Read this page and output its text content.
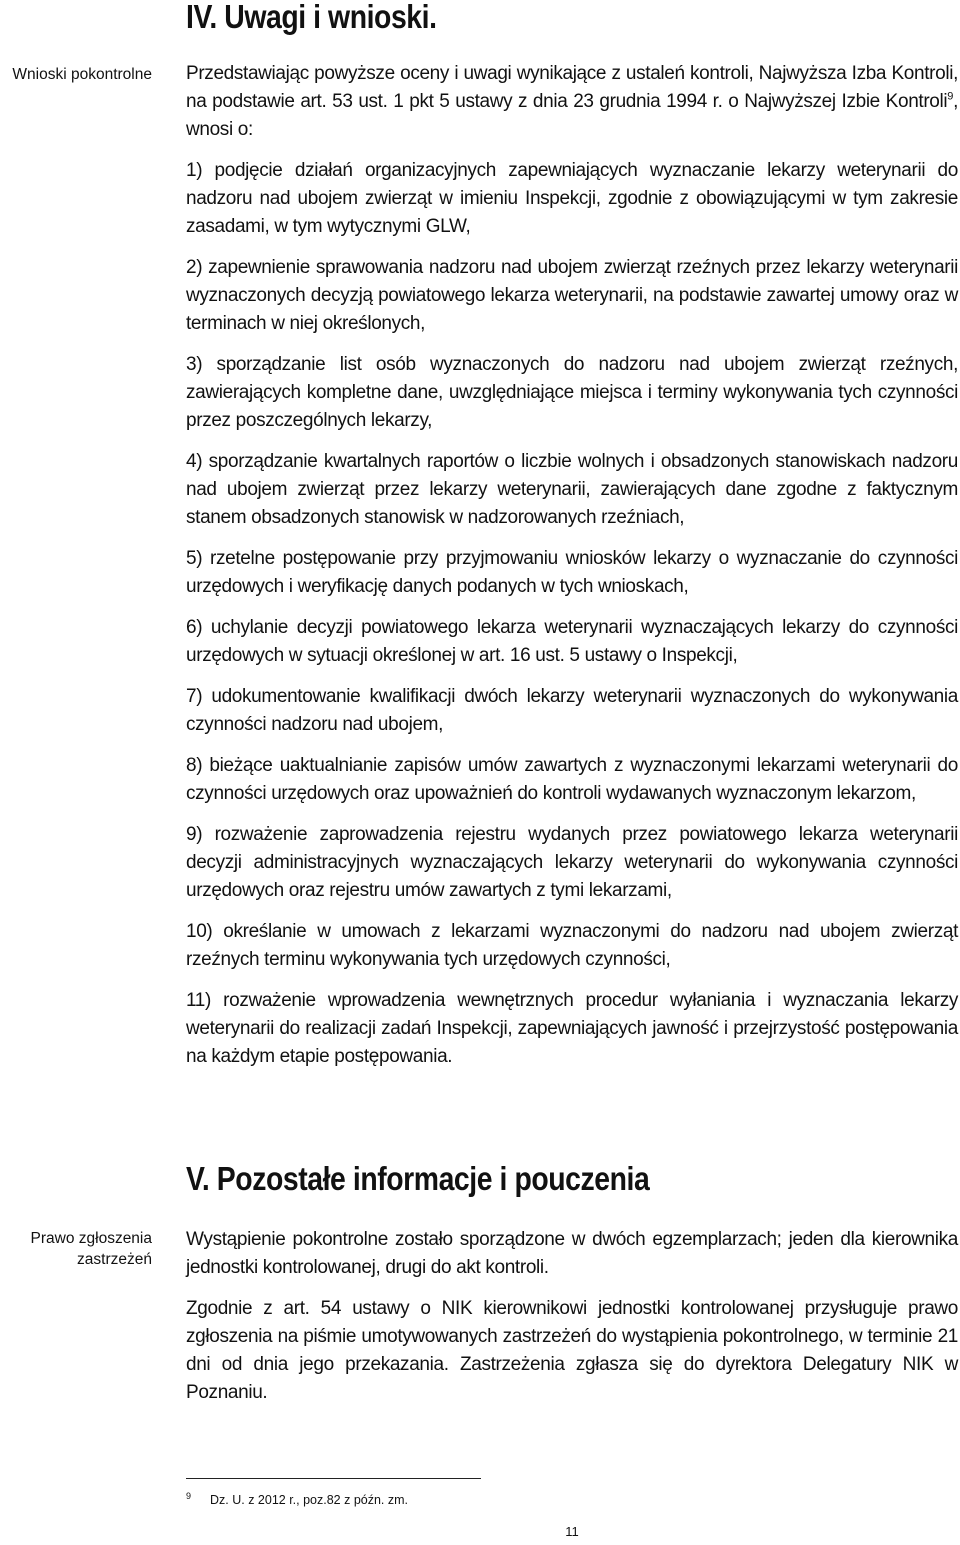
IV. Uwagi i wnioski.
Wnioski pokontrolne Przedstawiając powyższe oceny i uwagi wynikające z ustaleń kontroli, Najwyższa Izba Kontroli, na podstawie art. 53 ust. 1 pkt 5 ustawy z dnia 23 grudnia 1994 r. o Najwyższej Izbie Kontroli$^9$, wnosi o:

1) podjęcie działań organizacyjnych zapewniających wyznaczanie lekarzy weterynarii do nadzoru nad ubojem zwierząt w imieniu Inspekcji, zgodnie z obowiązującymi w tym zakresie zasadami, w tym wytycznymi GLW,

2) zapewnienie sprawowania nadzoru nad ubojem zwierząt rzeźnych przez lekarzy weterynarii wyznaczonych decyzją powiatowego lekarza weterynarii, na podstawie zawartej umowy oraz w terminach w niej określonych,

3) sporządzanie list osób wyznaczonych do nadzoru nad ubojem zwierząt rzeźnych, zawierających kompletne dane, uwzględniające miejsca i terminy wykonywania tych czynności przez poszczególnych lekarzy,

4) sporządzanie kwartalnych raportów o liczbie wolnych i obsadzonych stanowiskach nadzoru nad ubojem zwierząt przez lekarzy weterynarii, zawierających dane zgodne z faktycznym stanem obsadzonych stanowisk w nadzorowanych rzeźniach,

5) rzetelne postępowanie przy przyjmowaniu wniosków lekarzy o wyznaczanie do czynności urzędowych i weryfikację danych podanych w tych wnioskach,

6) uchylanie decyzji powiatowego lekarza weterynarii wyznaczających lekarzy do czynności urzędowych w sytuacji określonej w art. 16 ust. 5 ustawy o Inspekcji,

7) udokumentowanie kwalifikacji dwóch lekarzy weterynarii wyznaczonych do wykonywania czynności nadzoru nad ubojem,

8) bieżące uaktualnianie zapisów umów zawartych z wyznaczonymi lekarzami weterynarii do czynności urzędowych oraz upoważnień do kontroli wydawanych wyznaczonym lekarzom,

9) rozważenie zaprowadzenia rejestru wydanych przez powiatowego lekarza weterynarii decyzji administracyjnych wyznaczających lekarzy weterynarii do wykonywania czynności urzędowych oraz rejestru umów zawartych z tymi lekarzami,

10) określanie w umowach z lekarzami wyznaczonymi do nadzoru nad ubojem zwierząt rzeźnych terminu wykonywania tych urzędowych czynności,

11) rozważenie wprowadzenia wewnętrznych procedur wyłaniania i wyznaczania lekarzy weterynarii do realizacji zadań Inspekcji, zapewniających jawność i przejrzystość postępowania na każdym etapie postępowania.

V. Pozostałe informacje i pouczenia
Prawo zgłoszenia zastrzeżeń

Wystąpienie pokontrolne zostało sporządzone w dwóch egzemplarzach; jeden dla kierownika jednostki kontrolowanej, drugi do akt kontroli.

Zgodnie z art. 54 ustawy o NIK kierownikowi jednostki kontrolowanej przysługuje prawo zgłoszenia na piśmie umotywowanych zastrzeżeń do wystąpienia pokontrolnego, w terminie 21 dni od dnia jego przekazania. Zastrzeżenia zgłasza się do dyrektora Delegatury NIK w Poznaniu.

9 Dz. U. z 2012 r., poz.82 z późn. zm.
11
